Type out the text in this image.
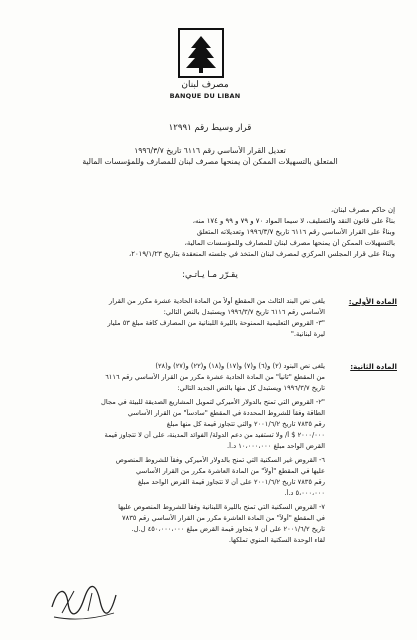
مصرف لبنان
BANQUE DU LIBAN
قرار وسيط رقم ١٢٩٩١
تعديل القرار الأساسي رقم ٦١١٦ تاريخ ١٩٩٦/٣/٧
المتعلق بالتسهيلات الممكن أن يمنحها مصرف لبنان للمصارف وللمؤسسات المالية
إن حاكم مصرف لبنان،
بناءً على قانون النقد والتسليف، لا سيما المواد ٧٠ و ٧٩ و ٩٩ و ١٧٤ منه،
وبناءً على القرار الأساسي رقم ٦١١٦ تاريخ ١٩٩٦/٣/٧ وتعديلاته المتعلق
بالتسهيلات الممكن أن يمنحها مصرف لبنان للمصارف وللمؤسسات المالية،
وبناءً على قرار المجلس المركزي لمصرف لبنان المتخذ في جلسته المنعقدة بتاريخ ٢٠١٩/١/٢٣،
يقـرّر مـا يـأتـي:
المادة الأولى:
يلغى نص البند الثالث من المقطع أولاً من المادة الحادية عشرة مكرر من القرار
الأساسي رقم ٦١١٦ تاريخ ١٩٩٦/٣/٧ ويستبدل بالنص التالي:
"٣- القروض التعليمية الممنوحة بالليرة اللبنانية من المصارف كافة مبلغ ٥٣ مليار
ليرة لبنانية."
المادة الثانية:
يلغى نص البنود (٢) و(٦) و(٧) و(١٧) و(١٨) و(٢٢) و(٢٧) و(٢٨)
من المقطع "ثانياً" من المادة الحادية عشرة مكرر من القرار الأساسي رقم ٦١١٦
تاريخ ١٩٩٦/٣/٧ ويستبدل كل منها بالنص الجديد التالي:
"٢- القروض التي تمنح بالدولار الأميركي لتمويل المشاريع الصديقة للبيئة في مجال
الطاقة وفقاً للشروط المحددة في المقطع "سادساً" من القرار الأساسي
رقم ٧٨٣٥ تاريخ ٢٠٠١/٦/٢ والتي تتجاوز قيمة كل منها مبلغ
٢٠٠٠/٠٠٠ $ أ/ ولا تستفيد من دعم الدولة/ الفوائد المدينة، على أن لا تتجاوز قيمة
القرض الواحد مبلغ ١٠،٠٠٠،٠٠٠ د.أ.
٦- القروض غير السكنية التي تمنح بالدولار الأميركي وفقاً للشروط المنصوص
عليها في المقطع "أولاً" من المادة العاشرة مكرر من القرار الأساسي
رقم ٧٨٣٥ تاريخ ٢٠٠١/٦/٢ على أن لا تتجاوز قيمة القرض الواحد مبلغ
٥،٠٠٠،٠٠٠ د.أ.
٧- القروض السكنية التي تمنح بالليرة اللبنانية وفقاً للشروط المنصوص عليها
في المقطع "أولاً" من المادة العاشرة مكرر من القرار الأساسي رقم ٧٨٣٥
تاريخ ٢٠٠١/٦/٢ على أن لا يتجاوز قيمة القرض مبلغ ٤٥٠،٠٠٠،٠٠٠ ل.ل.
لقاء الوحدة السكنية المنوي تملكها.
